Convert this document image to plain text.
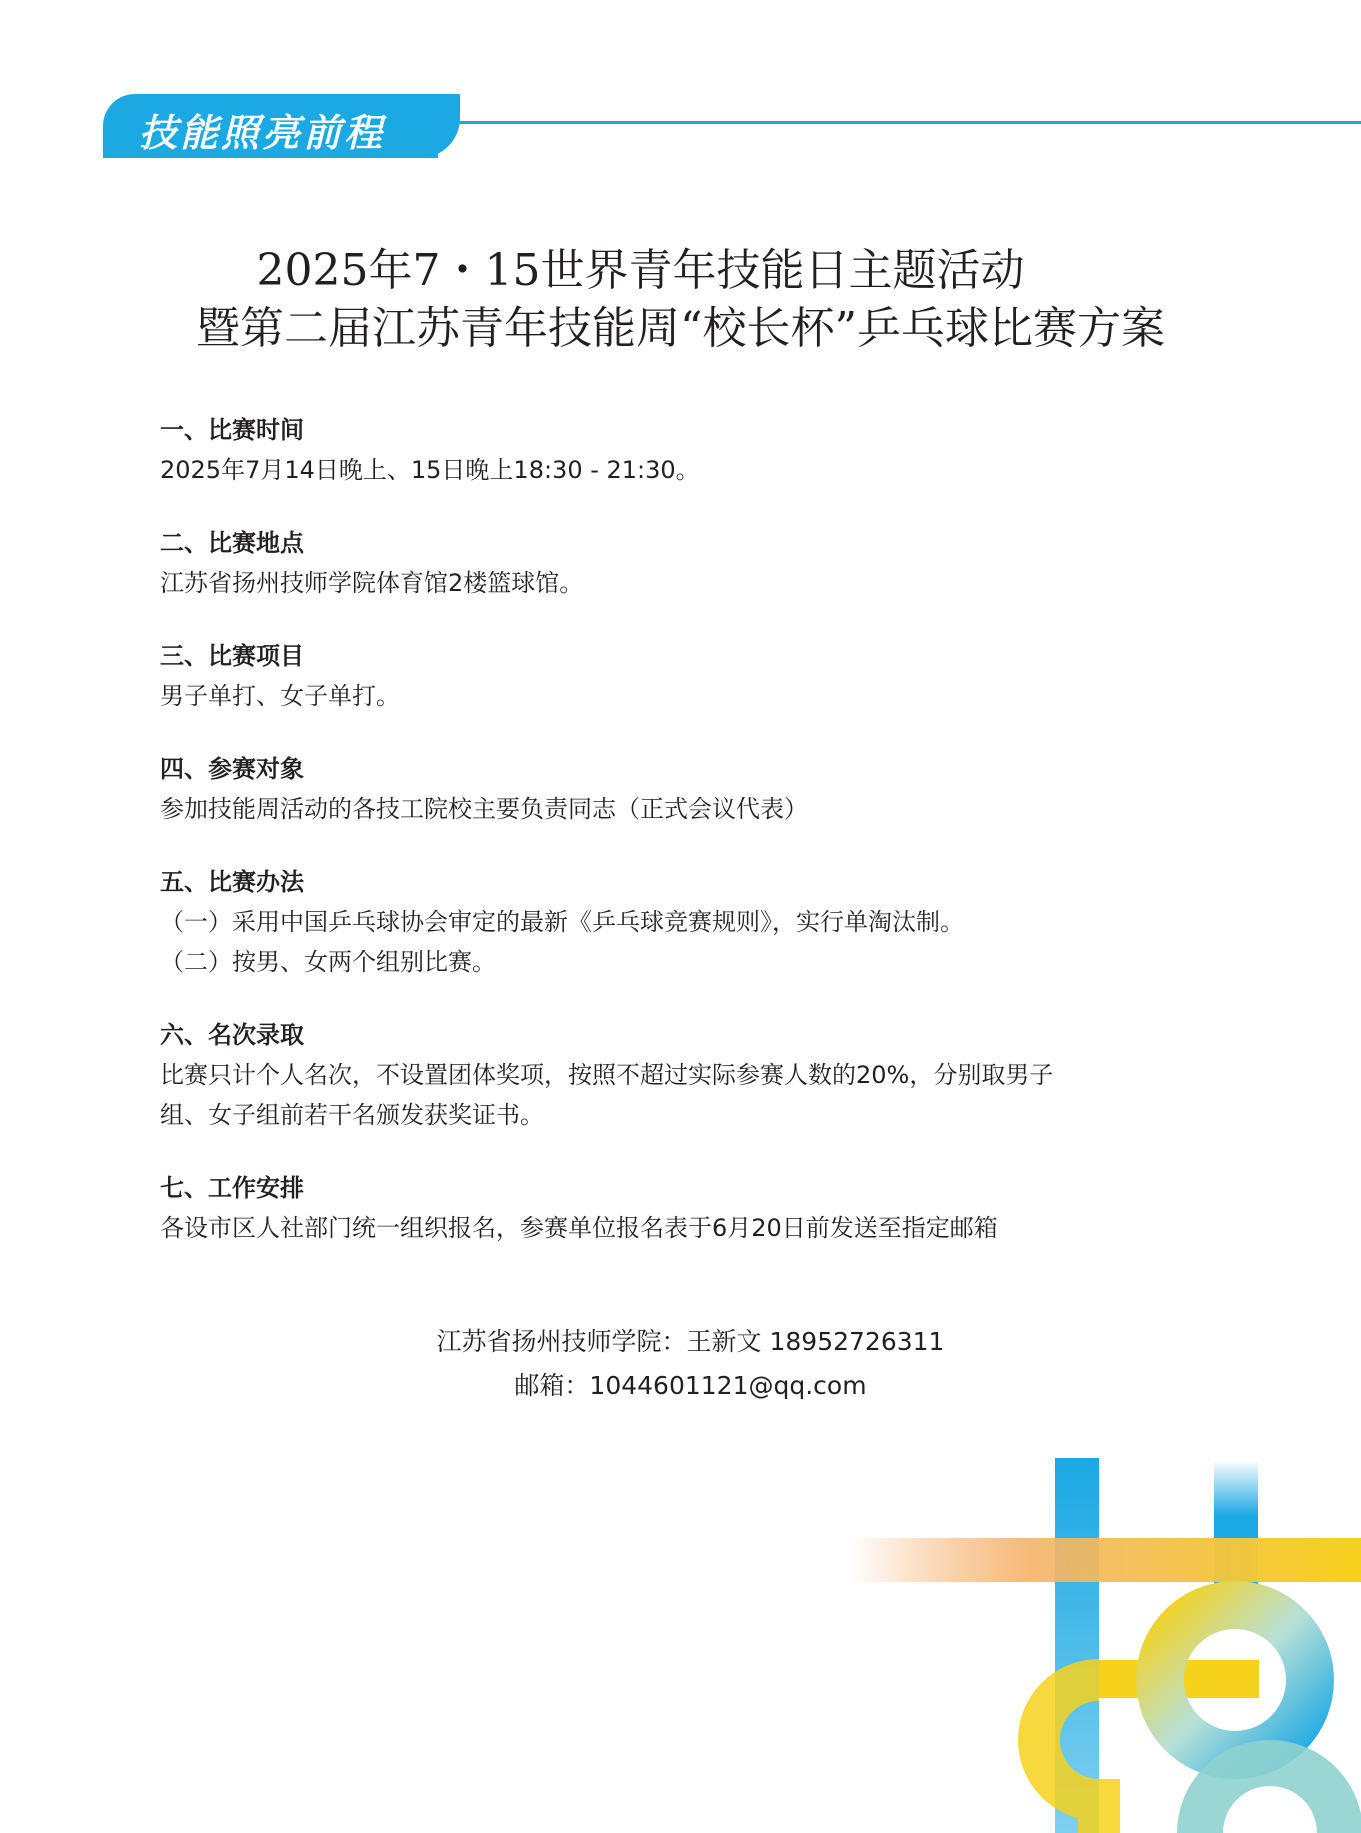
技能照亮前程
2025年7・15世界青年技能日主题活动
暨第二届江苏青年技能周“校长杯”乒乓球比赛方案
一、比赛时间
2025年7月14日晚上、15日晚上18:30 - 21:30。
二、比赛地点
江苏省扬州技师学院体育馆2楼篮球馆。
三、比赛项目
男子单打、女子单打。
四、参赛对象
参加技能周活动的各技工院校主要负责同志（正式会议代表）
五、比赛办法
（一）采用中国乒乓球协会审定的最新《乒乓球竞赛规则》，实行单淘汰制。
（二）按男、女两个组别比赛。
六、名次录取
比赛只计个人名次，不设置团体奖项，按照不超过实际参赛人数的20%，分别取男子
组、女子组前若干名颁发获奖证书。
七、工作安排
各设市区人社部门统一组织报名，参赛单位报名表于6月20日前发送至指定邮箱
江苏省扬州技师学院：王新文 18952726311
邮箱：1044601121@qq.com
